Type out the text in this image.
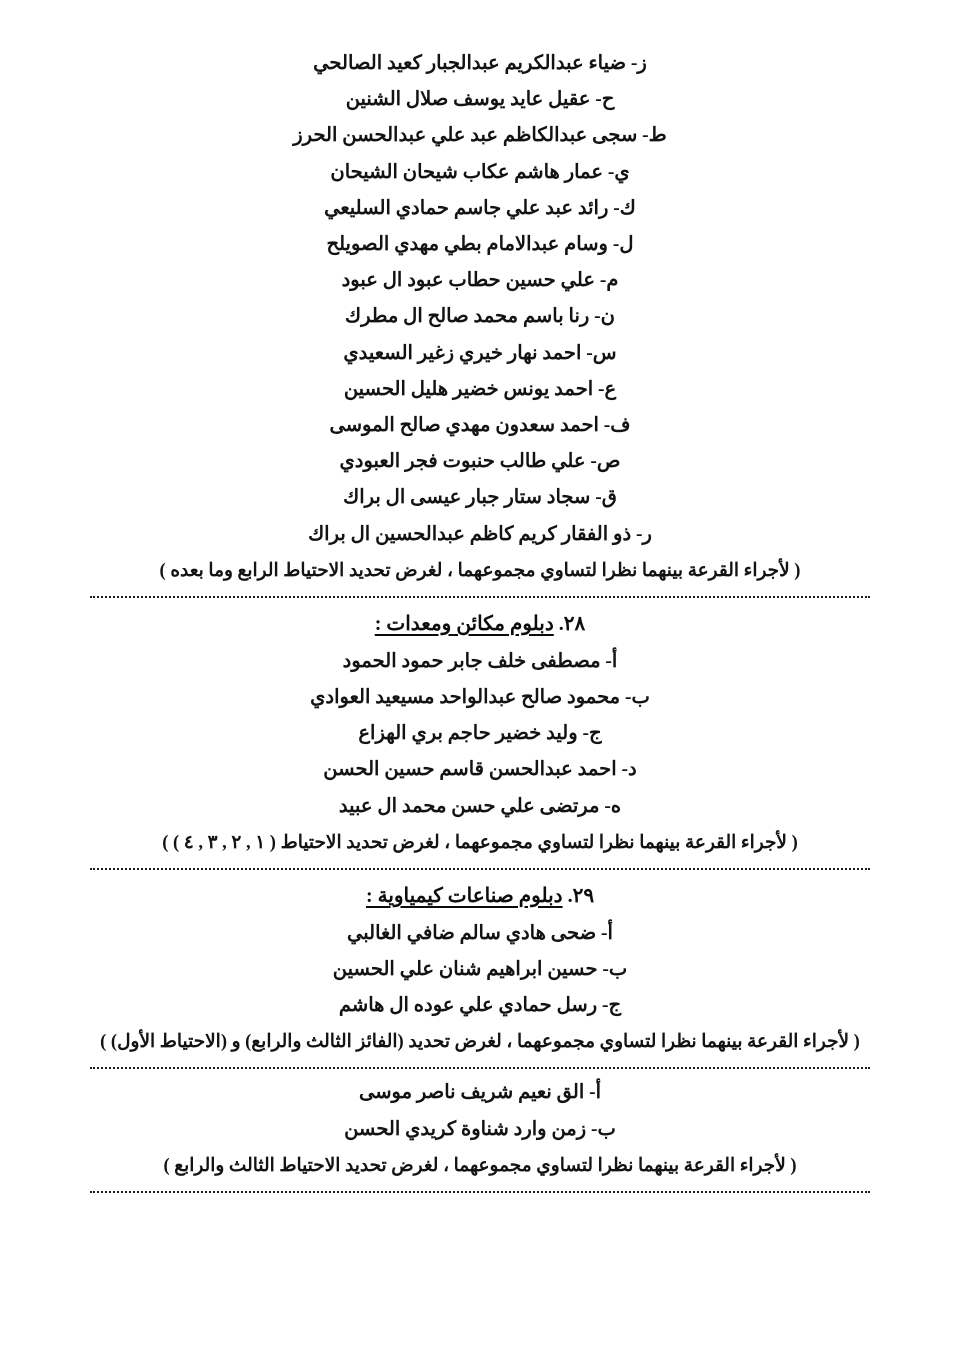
ز- ضياء عبدالكريم عبدالجبار كعيد الصالحي
ح- عقيل عايد يوسف صلال الشنين
ط- سجى عبدالكاظم عبد علي عبدالحسن الحرز
ي- عمار هاشم عكاب شيحان الشيحان
ك- رائد عبد علي جاسم حمادي السليعي
ل- وسام عبدالامام بطي مهدي الصويلح
م- علي حسين حطاب عبود ال عبود
ن- رنا باسم محمد صالح ال مطرك
س- احمد نهار خيري زغير السعيدي
ع- احمد يونس خضير هليل الحسين
ف- احمد سعدون مهدي صالح الموسى
ص- علي طالب حنبوت فجر العبودي
ق- سجاد ستار جبار عيسى ال براك
ر- ذو الفقار كريم كاظم عبدالحسين ال براك
( لأجراء القرعة بينهما نظرا لتساوي مجموعهما ، لغرض تحديد الاحتياط الرابع وما بعده )
٢٨. دبلوم مكائن ومعدات :
أ- مصطفى خلف جابر حمود الحمود
ب- محمود صالح عبدالواحد مسيعيد العوادي
ج- وليد خضير حاجم بري الهزاع
د- احمد عبدالحسن قاسم حسين الحسن
ه- مرتضى علي حسن محمد ال عبيد
( لأجراء القرعة بينهما نظرا لتساوي مجموعهما ، لغرض تحديد الاحتياط ( ١ , ٢ , ٣ , ٤ ) )
٢٩. دبلوم صناعات كيمياوية :
أ- ضحى هادي سالم ضافي الغالبي
ب- حسين ابراهيم شنان علي الحسين
ج- رسل حمادي علي عوده ال هاشم
( لأجراء القرعة بينهما نظرا لتساوي مجموعهما ، لغرض تحديد (الفائز الثالث والرابع) و (الاحتياط الأول) )
أ- الق نعيم شريف ناصر موسى
ب- زمن وارد شناوة كريدي الحسن
( لأجراء القرعة بينهما نظرا لتساوي مجموعهما ، لغرض تحديد الاحتياط الثالث والرابع )
